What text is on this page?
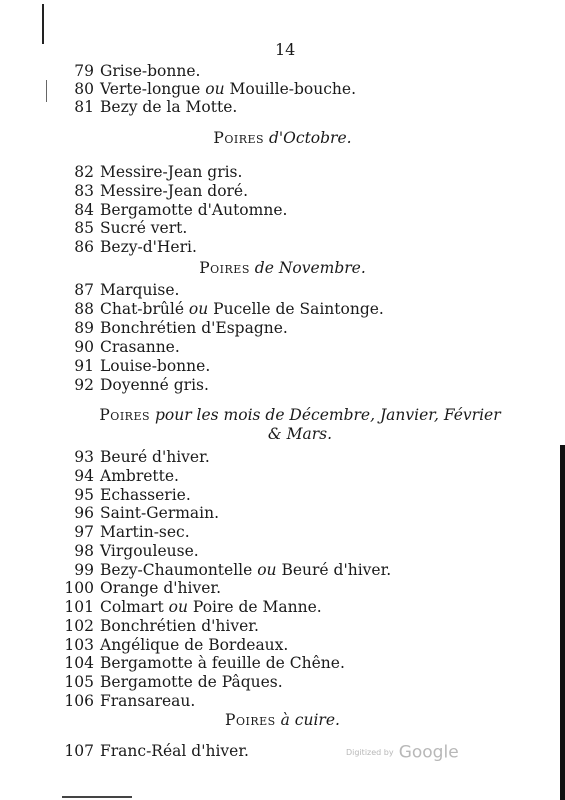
14
79 Grise-bonne.
80 Verte-longue ou Mouille-bouche.
81 Bezy de la Motte.
Poires d'Octobre.
82 Messire-Jean gris.
83 Messire-Jean doré.
84 Bergamotte d'Automne.
85 Sucré vert.
86 Bezy-d'Heri.
Poires de Novembre.
87 Marquise.
88 Chat-brûlé ou Pucelle de Saintonge.
89 Bonchrétien d'Espagne.
90 Crasanne.
91 Louise-bonne.
92 Doyenné gris.
Poires pour les mois de Décembre, Janvier, Février
& Mars.
93 Beuré d'hiver.
94 Ambrette.
95 Echasserie.
96 Saint-Germain.
97 Martin-sec.
98 Virgouleuse.
99 Bezy-Chaumontelle ou Beuré d'hiver.
100 Orange d'hiver.
101 Colmart ou Poire de Manne.
102 Bonchrétien d'hiver.
103 Angélique de Bordeaux.
104 Bergamotte à feuille de Chêne.
105 Bergamotte de Pâques.
106 Fransareau.
Poires à cuire.
107 Franc-Réal d'hiver.	Digitized by Google
